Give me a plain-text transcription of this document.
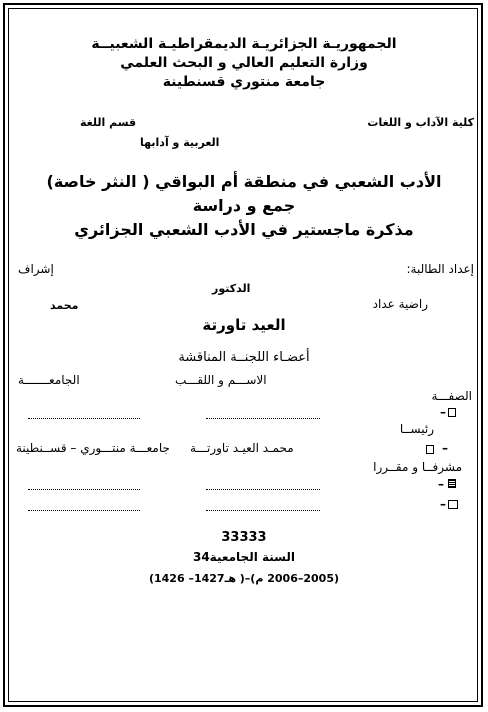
الجمهوريـة الجزائريـة الديمقراطيـة الشعبيــة
وزارة التعليم العالي و البحث العلمي
جامعة منتوري قسنطينة
كلية الآداب و اللغات
قسم اللغة
العربية و آدابها
الأدب الشعبي في منطقة أم البواقي ( النثر خاصة)
جمع و دراسة
مذكرة ماجستير في الأدب الشعبي الجزائري
إعداد الطالبة:
إشراف
الدكتور
راضية عداد
محمد
العيد تاورتة
أعضـاء اللجنــة المناقشة
الاســـم و اللقـــب
الجامعـــــــة
الصفـــة
–
رئيســا
–
محمـد العيـد تاورتـــة
جامعـــة منتـــوري – قســنطينة
مشرفــا و مقــررا
–
–
33333
السنة الجامعية34
(1426 –1427هـ )–(2005–2006 م)
